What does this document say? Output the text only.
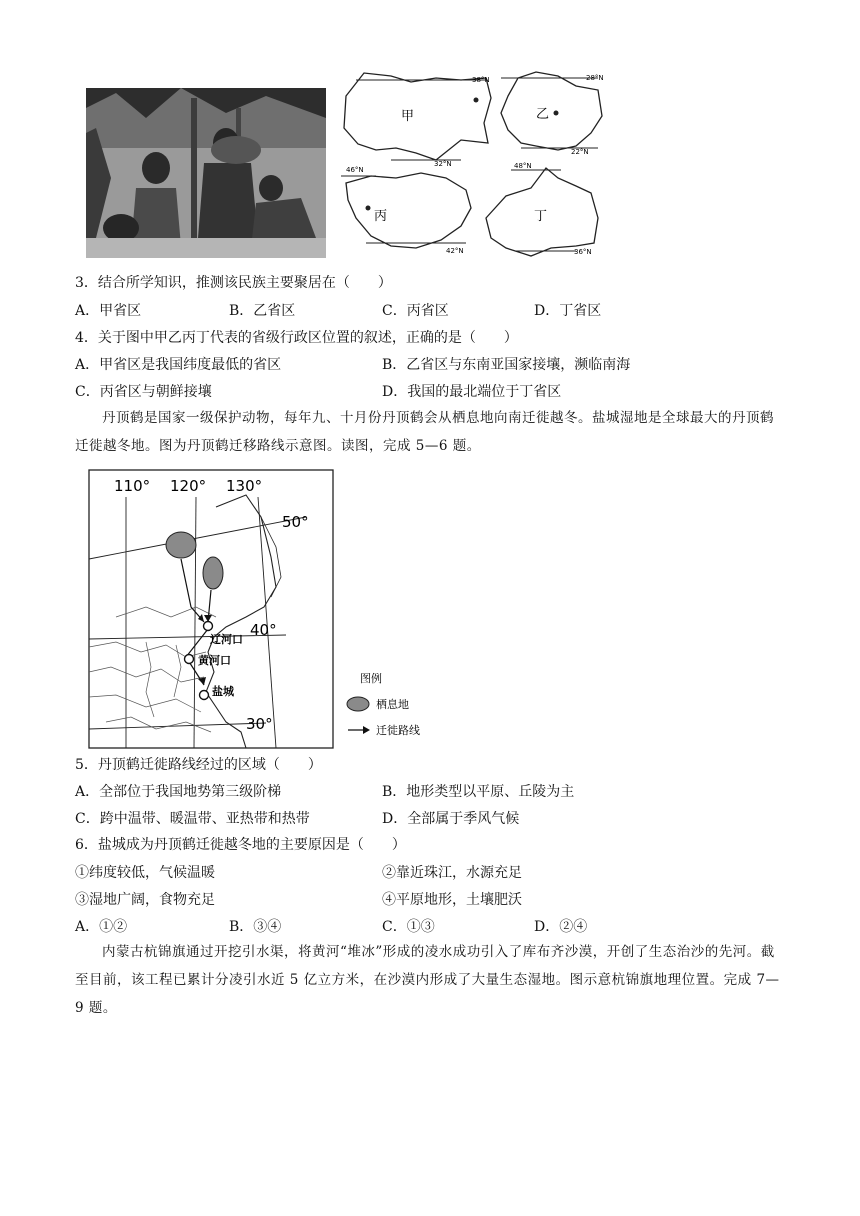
甲
38°N
32°N
乙
28°N
22°N
丙
46°N
42°N
丁
48°N
36°N
3．结合所学知识，推测该民族主要聚居在（　　）
A．甲省区	B．乙省区	C．丙省区	D．丁省区
4．关于图中甲乙丙丁代表的省级行政区位置的叙述，正确的是（　　）
A．甲省区是我国纬度最低的省区	B．乙省区与东南亚国家接壤，濒临南海
C．丙省区与朝鲜接壤	D．我国的最北端位于丁省区
丹顶鹤是国家一级保护动物，每年九、十月份丹顶鹤会从栖息地向南迁徙越冬。盐城湿地是全球最大的丹顶鹤迁徙越冬地。图为丹顶鹤迁移路线示意图。读图，完成 5—6 题。
110° 120° 130°
50°
40°
30°
辽河口
黄河口
盐城
图例
栖息地
迁徙路线
5．丹顶鹤迁徙路线经过的区域（　　）
A．全部位于我国地势第三级阶梯	B．地形类型以平原、丘陵为主
C．跨中温带、暖温带、亚热带和热带	D．全部属于季风气候
6．盐城成为丹顶鹤迁徙越冬地的主要原因是（　　）
①纬度较低，气候温暖	②靠近珠江，水源充足
③湿地广阔，食物充足	④平原地形，土壤肥沃
A．①②	B．③④	C．①③	D．②④
内蒙古杭锦旗通过开挖引水渠，将黄河“堆冰”形成的凌水成功引入了库布齐沙漠，开创了生态治沙的先河。截至目前，该工程已累计分凌引水近 5 亿立方米，在沙漠内形成了大量生态湿地。图示意杭锦旗地理位置。完成 7—9 题。
